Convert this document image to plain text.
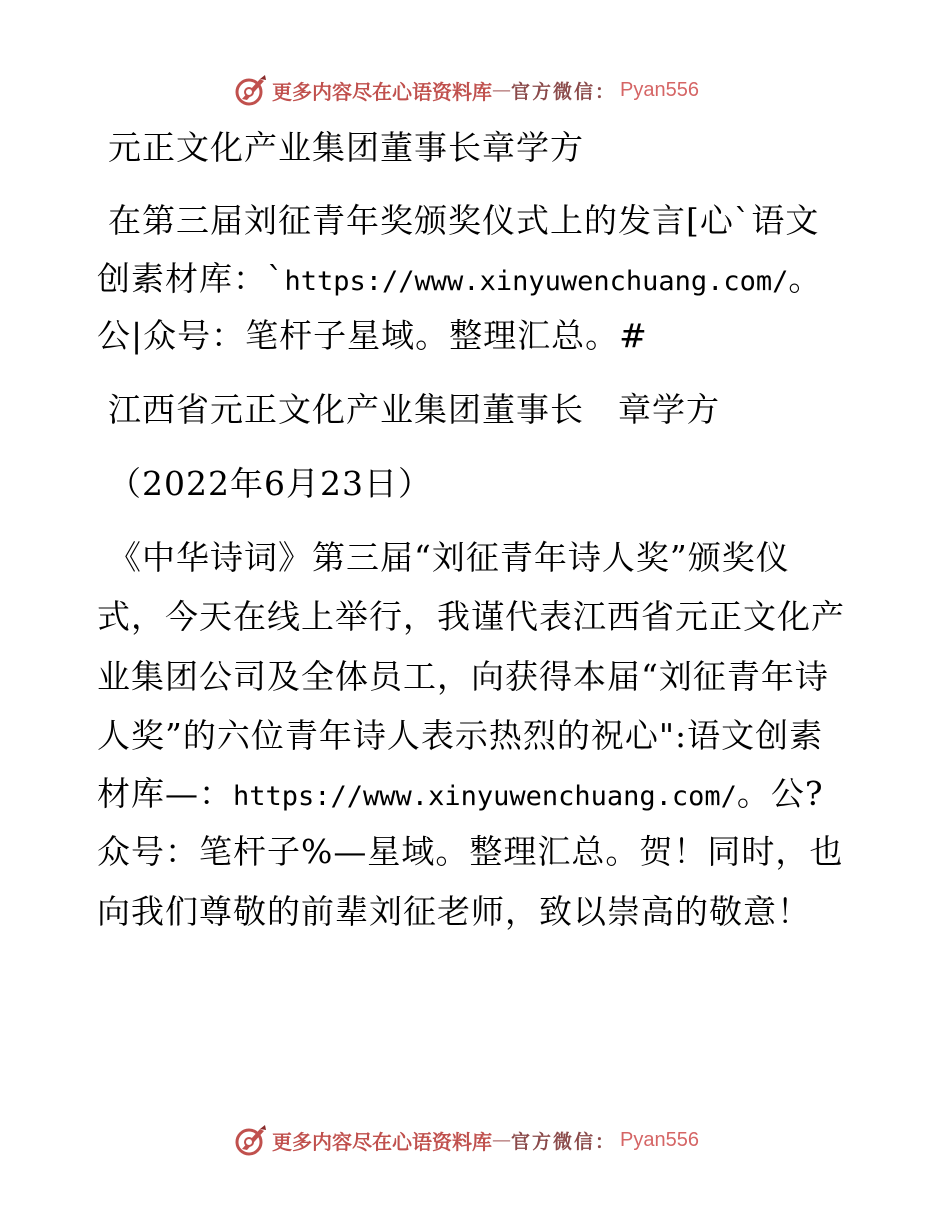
更多内容尽在心语资料库 — 官方微信： Pyan556
元正文化产业集团董事长章学方
在第三届刘征青年奖颁奖仪式上的发言[心`语文
创素材库：`https://www.xinyuwenchuang.com/。
公|众号：笔杆子星域。整理汇总。#
江西省元正文化产业集团董事长　章学方
（2022年6月23日）
《中华诗词》第三届“刘征青年诗人奖”颁奖仪
式，今天在线上举行，我谨代表江西省元正文化产
业集团公司及全体员工，向获得本届“刘征青年诗
人奖”的六位青年诗人表示热烈的祝心":语文创素
材库—：https://www.xinyuwenchuang.com/。公?
众号：笔杆子%—星域。整理汇总。贺！同时，也
向我们尊敬的前辈刘征老师，致以崇高的敬意！
更多内容尽在心语资料库 — 官方微信： Pyan556
